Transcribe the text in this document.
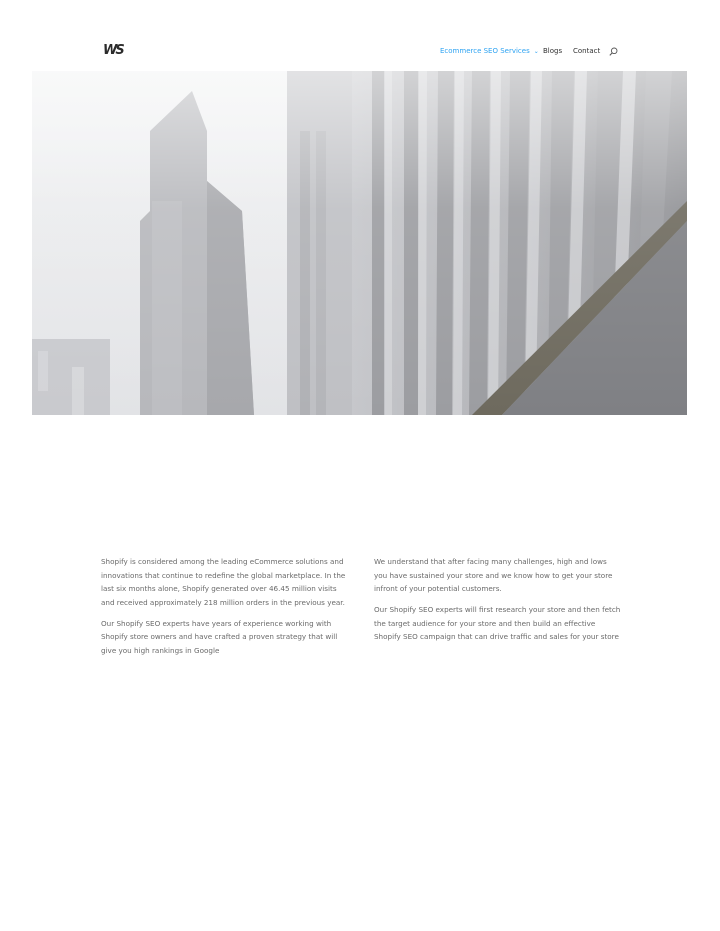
WS	Ecommerce SEO Services ⌄ Blogs Contact

Shopify is considered among the leading eCommerce solutions and innovations that continue to redefine the global marketplace. In the last six months alone, Shopify generated over 46.45 million visits and received approximately 218 million orders in the previous year.

Our Shopify SEO experts have years of experience working with Shopify store owners and have crafted a proven strategy that will give you high rankings in Google

We understand that after facing many challenges, high and lows you have sustained your store and we know how to get your store infront of your potential customers.

Our Shopify SEO experts will first research your store and then fetch the target audience for your store and then build an effective Shopify SEO campaign that can drive traffic and sales for your store
